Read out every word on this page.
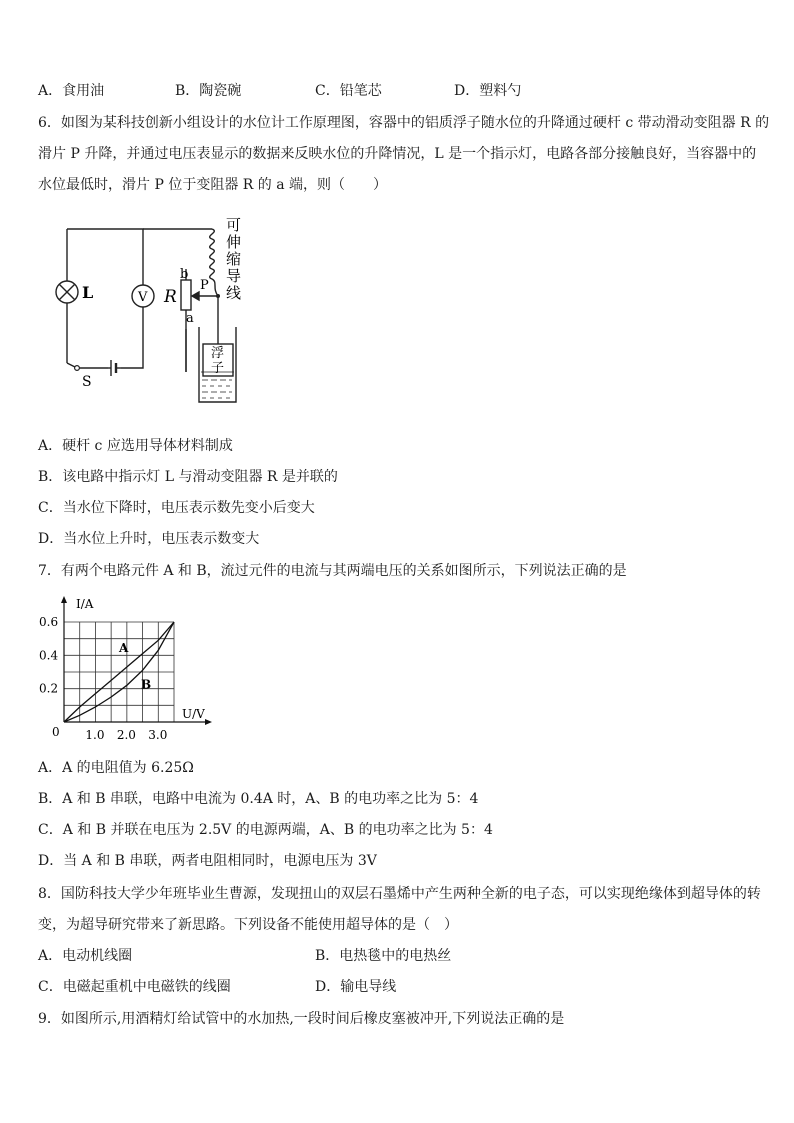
A．食用油	B．陶瓷碗	C．铅笔芯	D．塑料勺
6．如图为某科技创新小组设计的水位计工作原理图，容器中的铝质浮子随水位的升降通过硬杆 c 带动滑动变阻器 R 的
滑片 P 升降，并通过电压表显示的数据来反映水位的升降情况，L 是一个指示灯，电路各部分接触良好，当容器中的
水位最低时，滑片 P 位于变阻器 R 的 a 端，则（　　）
L	V R
b
a
P
S
可
伸
缩
导
线
浮
子
A．硬杆 c 应选用导体材料制成
B．该电路中指示灯 L 与滑动变阻器 R 是并联的
C．当水位下降时，电压表示数先变小后变大
D．当水位上升时，电压表示数变大
7．有两个电路元件 A 和 B，流过元件的电流与其两端电压的关系如图所示，下列说法正确的是
I/A
U/V
0 1.0 2.0 3.0
0.2
0.4
0.6
A
B
A．A 的电阻值为 6.25Ω
B．A 和 B 串联，电路中电流为 0.4A 时，A、B 的电功率之比为 5：4
C．A 和 B 并联在电压为 2.5V 的电源两端，A、B 的电功率之比为 5：4
D．当 A 和 B 串联，两者电阻相同时，电源电压为 3V
8．国防科技大学少年班毕业生曹源，发现扭山的双层石墨烯中产生两种全新的电子态，可以实现绝缘体到超导体的转
变，为超导研究带来了新思路。下列设备不能使用超导体的是（　）
A．电动机线圈	B．电热毯中的电热丝
C．电磁起重机中电磁铁的线圈	D．输电导线
9．如图所示,用酒精灯给试管中的水加热,一段时间后橡皮塞被冲开,下列说法正确的是
